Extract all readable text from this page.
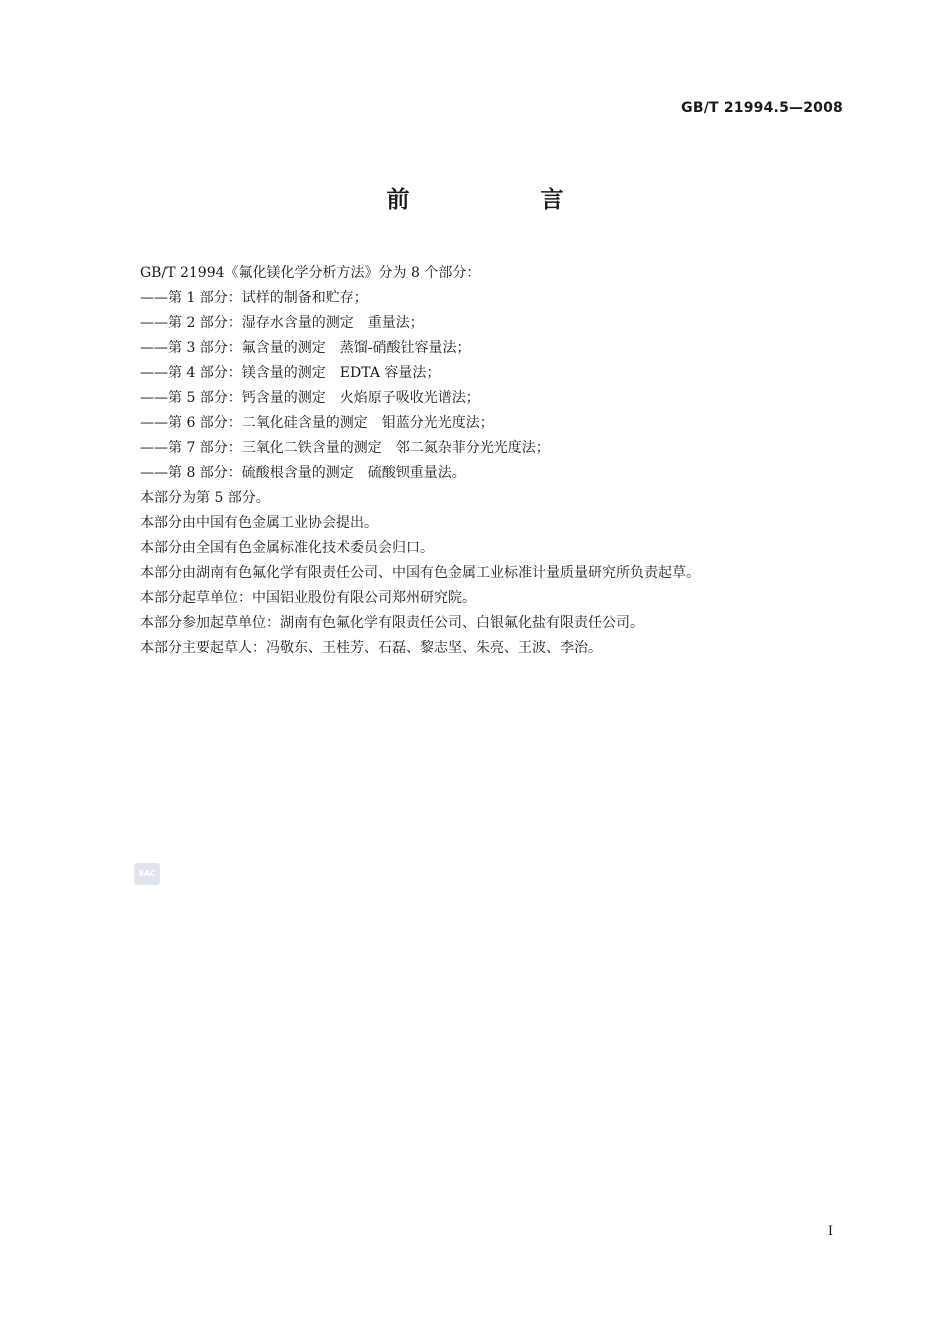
GB/T 21994.5—2008
前　言
GB/T 21994《氟化镁化学分析方法》分为 8 个部分：
——第 1 部分：试样的制备和贮存；
——第 2 部分：湿存水含量的测定　重量法；
——第 3 部分：氟含量的测定　蒸馏-硝酸钍容量法；
——第 4 部分：镁含量的测定　EDTA 容量法；
——第 5 部分：钙含量的测定　火焰原子吸收光谱法；
——第 6 部分：二氧化硅含量的测定　钼蓝分光光度法；
——第 7 部分：三氧化二铁含量的测定　邻二氮杂菲分光光度法；
——第 8 部分：硫酸根含量的测定　硫酸钡重量法。
本部分为第 5 部分。
本部分由中国有色金属工业协会提出。
本部分由全国有色金属标准化技术委员会归口。
本部分由湖南有色氟化学有限责任公司、中国有色金属工业标准计量质量研究所负责起草。
本部分起草单位：中国铝业股份有限公司郑州研究院。
本部分参加起草单位：湖南有色氟化学有限责任公司、白银氟化盐有限责任公司。
本部分主要起草人：冯敬东、王桂芳、石磊、黎志坚、朱亮、王波、李治。
SAC
I
